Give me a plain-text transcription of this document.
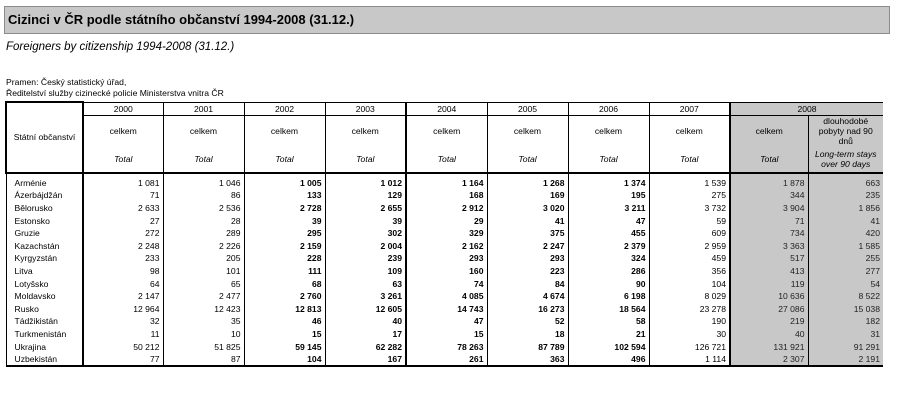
Cizinci v ČR podle státního občanství 1994-2008 (31.12.)
Foreigners by citizenship 1994-2008 (31.12.)
Pramen: Český statistický úřad,
Ředitelství služby cizinecké policie Ministerstva vnitra ČR
Státní občanství	2000	2001	2002	2003	2004	2005	2006	2007	2008	
	celkem	celkem	celkem	celkem	celkem	celkem	celkem	celkem	celkem	dlouhodobé pobyty nad 90 dnů
	Total	Total	Total	Total	Total	Total	Total	Total	Total	Long-term stays over 90 days

Arménie	1 081	1 046	1 005	1 012	1 164	1 268	1 374	1 539	1 878	663
Ázerbájdžán	71	86	133	129	168	169	195	275	344	235
Bělorusko	2 633	2 536	2 728	2 655	2 912	3 020	3 211	3 732	3 904	1 856
Estonsko	27	28	39	39	29	41	47	59	71	41
Gruzie	272	289	295	302	329	375	455	609	734	420
Kazachstán	2 248	2 226	2 159	2 004	2 162	2 247	2 379	2 959	3 363	1 585
Kyrgyzstán	233	205	228	239	293	293	324	459	517	255
Litva	98	101	111	109	160	223	286	356	413	277
Lotyšsko	64	65	68	63	74	84	90	104	119	54
Moldavsko	2 147	2 477	2 760	3 261	4 085	4 674	6 198	8 029	10 636	8 522
Rusko	12 964	12 423	12 813	12 605	14 743	16 273	18 564	23 278	27 086	15 038
Tádžikistán	32	35	46	40	47	52	58	190	219	182
Turkmenistán	11	10	15	17	15	18	21	30	40	31
Ukrajina	50 212	51 825	59 145	62 282	78 263	87 789	102 594	126 721	131 921	91 291
Uzbekistán	77	87	104	167	261	363	496	1 114	2 307	2 191
